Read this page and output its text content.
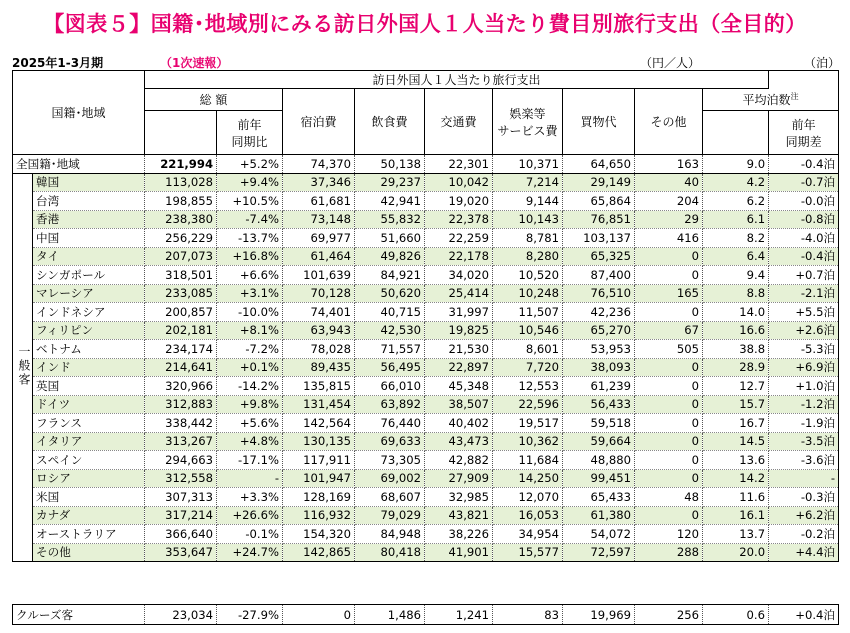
【図表５】国籍･地域別にみる訪日外国人１人当たり費目別旅行支出（全目的）
2025年1-3月期	（1次速報）	（円／人）	（泊）
国籍･地域		訪日外国人１人当たり旅行支出								
		総 額		宿泊費	飲食費	交通費	娯楽等
サービス費	買物代	その他	平均泊数$^注$
			前年
同期比								前年
同期差
全国籍･地域		221,994	+5.2%	74,370	50,138	22,301	10,371	64,650	163	9.0	-0.4泊
一般客	韓国	113,028	+9.4%	37,346	29,237	10,042	7,214	29,149	40	4.2	-0.7泊
	台湾	198,855	+10.5%	61,681	42,941	19,020	9,144	65,864	204	6.2	-0.0泊
	香港	238,380	-7.4%	73,148	55,832	22,378	10,143	76,851	29	6.1	-0.8泊
	中国	256,229	-13.7%	69,977	51,660	22,259	8,781	103,137	416	8.2	-4.0泊
	タイ	207,073	+16.8%	61,464	49,826	22,178	8,280	65,325	0	6.4	-0.4泊
	シンガポール	318,501	+6.6%	101,639	84,921	34,020	10,520	87,400	0	9.4	+0.7泊
	マレーシア	233,085	+3.1%	70,128	50,620	25,414	10,248	76,510	165	8.8	-2.1泊
	インドネシア	200,857	-10.0%	74,401	40,715	31,997	11,507	42,236	0	14.0	+5.5泊
	フィリピン	202,181	+8.1%	63,943	42,530	19,825	10,546	65,270	67	16.6	+2.6泊
	ベトナム	234,174	-7.2%	78,028	71,557	21,530	8,601	53,953	505	38.8	-5.3泊
	インド	214,641	+0.1%	89,435	56,495	22,897	7,720	38,093	0	28.9	+6.9泊
	英国	320,966	-14.2%	135,815	66,010	45,348	12,553	61,239	0	12.7	+1.0泊
	ドイツ	312,883	+9.8%	131,454	63,892	38,507	22,596	56,433	0	15.7	-1.2泊
	フランス	338,442	+5.6%	142,564	76,440	40,402	19,517	59,518	0	16.7	-1.9泊
	イタリア	313,267	+4.8%	130,135	69,633	43,473	10,362	59,664	0	14.5	-3.5泊
	スペイン	294,663	-17.1%	117,911	73,305	42,882	11,684	48,880	0	13.6	-3.6泊
	ロシア	312,558	-	101,947	69,002	27,909	14,250	99,451	0	14.2	-
	米国	307,313	+3.3%	128,169	68,607	32,985	12,070	65,433	48	11.6	-0.3泊
	カナダ	317,214	+26.6%	116,932	79,029	43,821	16,053	61,380	0	16.1	+6.2泊
	オーストラリア	366,640	-0.1%	154,320	84,948	38,226	34,954	54,072	120	13.7	-0.2泊
	その他	353,647	+24.7%	142,865	80,418	41,901	15,577	72,597	288	20.0	+4.4泊
クルーズ客	23,034	-27.9%	0	1,486	1,241	83	19,969	256	0.6	+0.4泊
